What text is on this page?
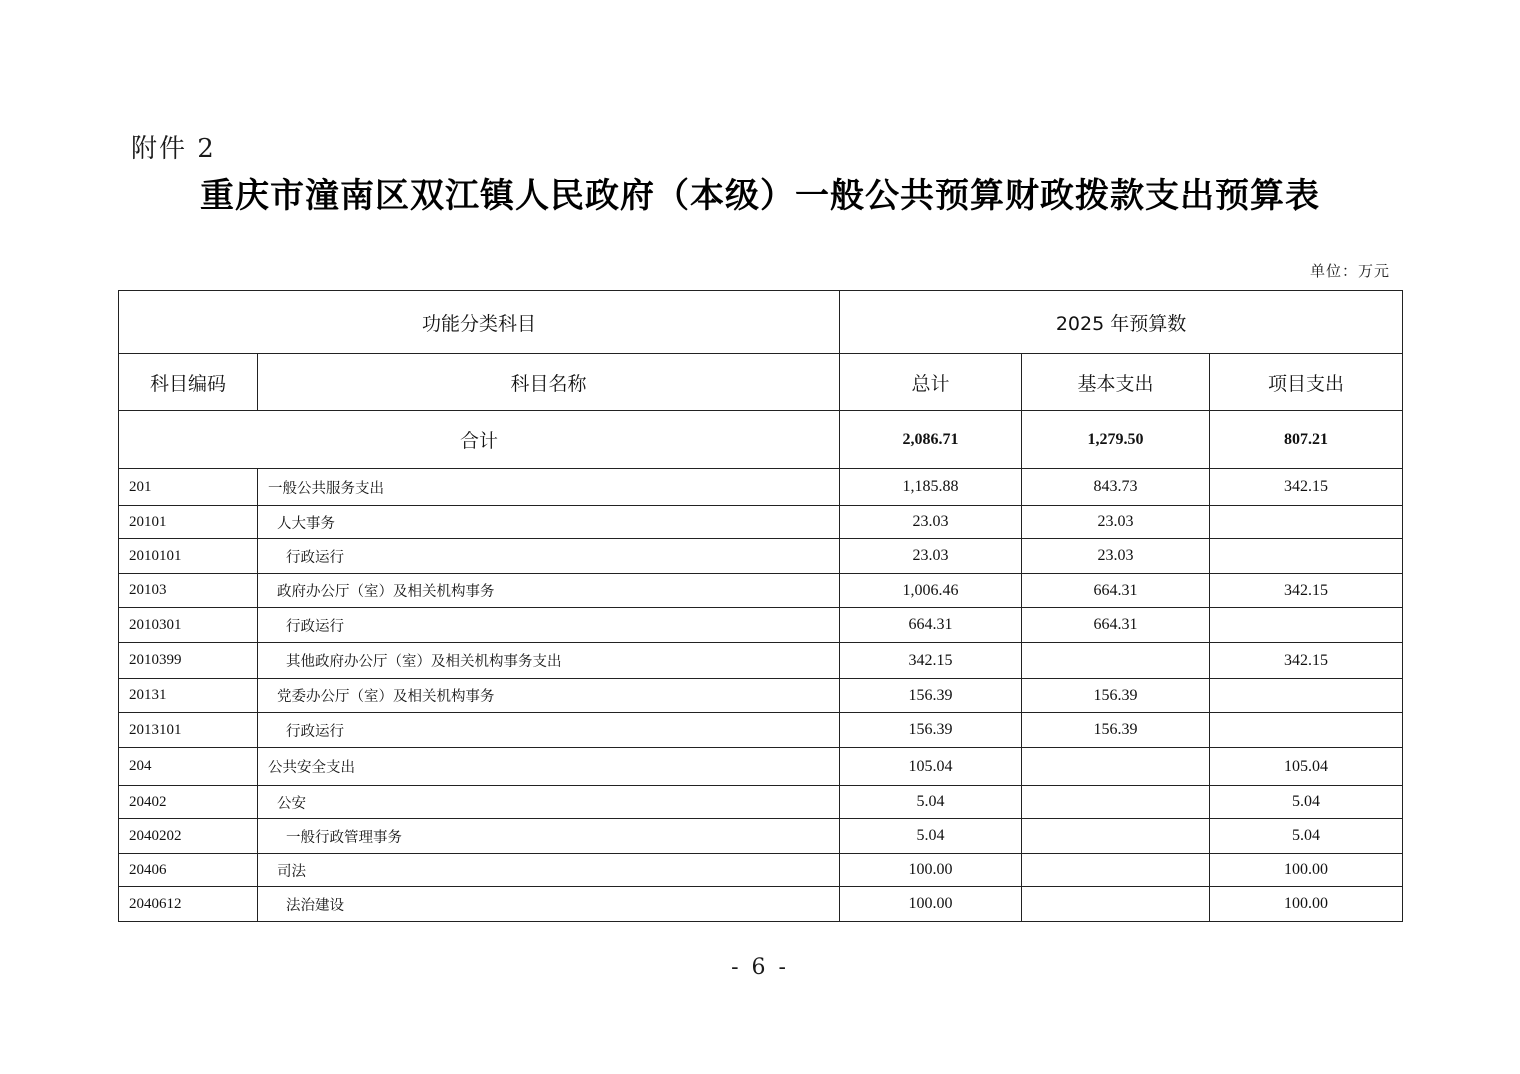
附件 2
重庆市潼南区双江镇人民政府（本级）一般公共预算财政拨款支出预算表
单位：万元
功能分类科目		2025 年预算数		
科目编码	科目名称	总计	基本支出	项目支出
合计		2,086.71	1,279.50	807.21
201	一般公共服务支出	1,185.88	843.73	342.15
20101	人大事务	23.03	23.03	
2010101	行政运行	23.03	23.03	
20103	政府办公厅（室）及相关机构事务	1,006.46	664.31	342.15
2010301	行政运行	664.31	664.31	
2010399	其他政府办公厅（室）及相关机构事务支出	342.15		342.15
20131	党委办公厅（室）及相关机构事务	156.39	156.39	
2013101	行政运行	156.39	156.39	
204	公共安全支出	105.04		105.04
20402	公安	5.04		5.04
2040202	一般行政管理事务	5.04		5.04
20406	司法	100.00		100.00
2040612	法治建设	100.00		100.00
- 6 -
